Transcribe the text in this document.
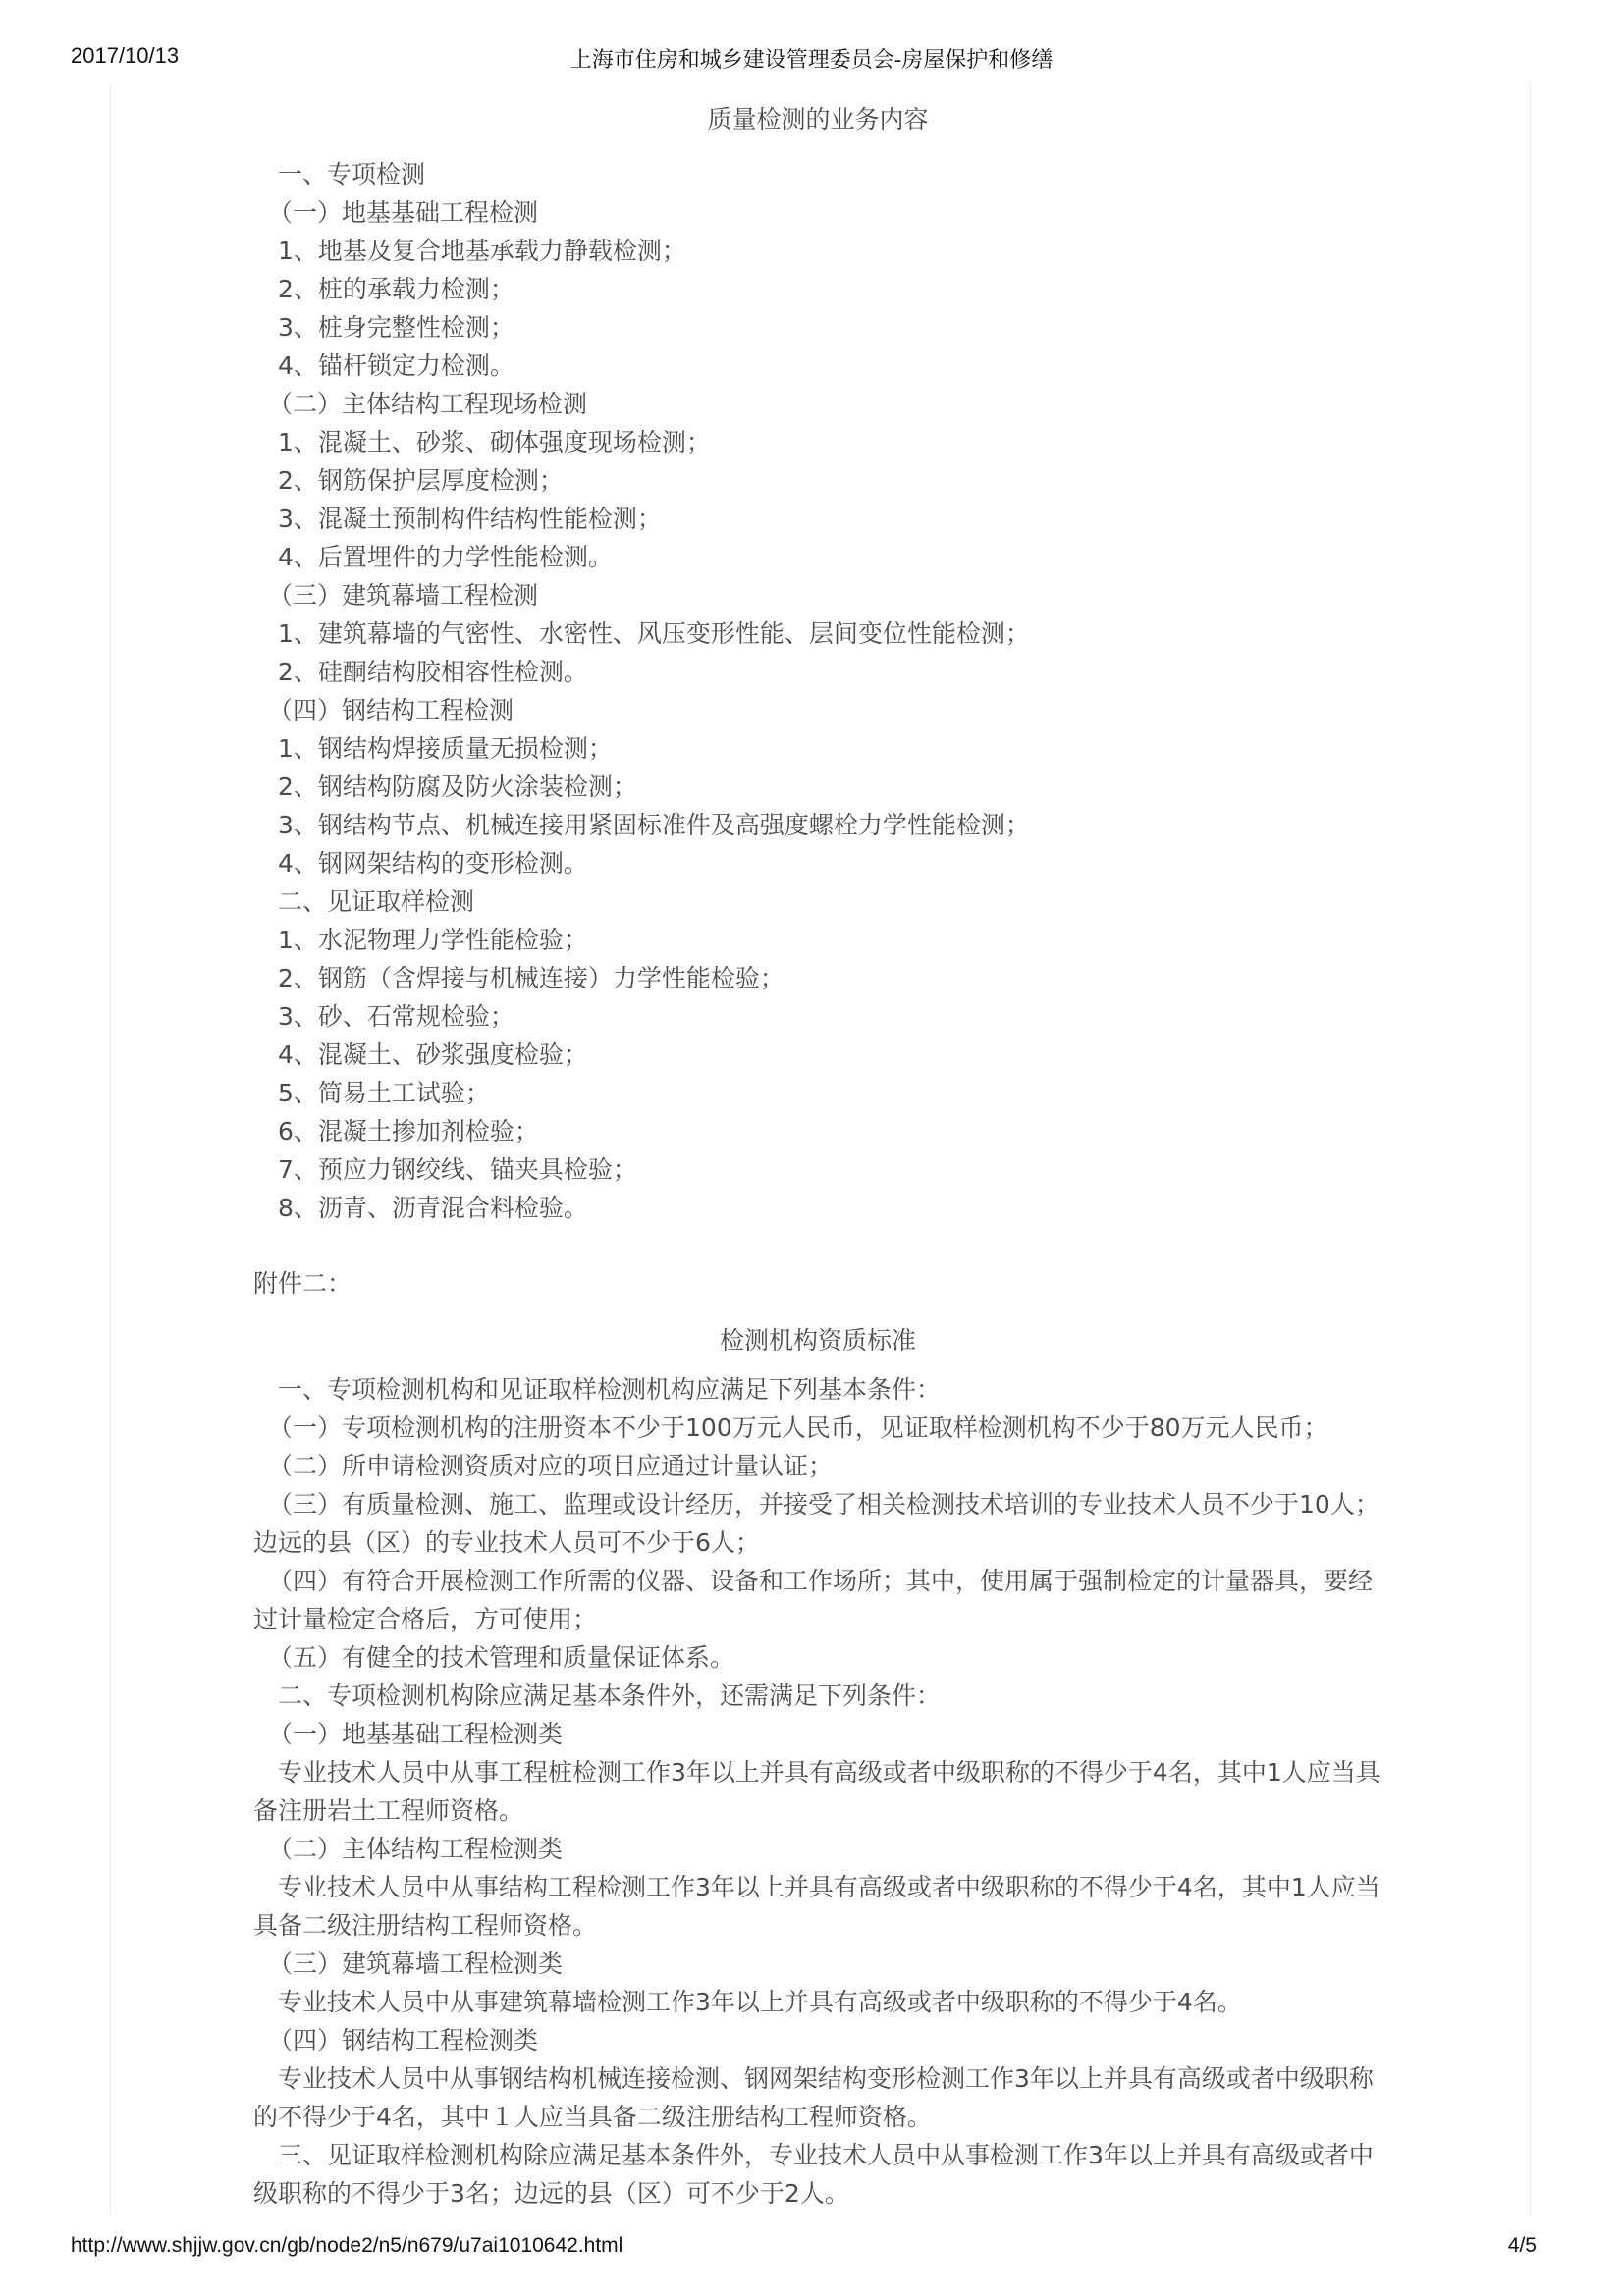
2017/10/13	上海市住房和城乡建设管理委员会-房屋保护和修缮
质量检测的业务内容
一、专项检测
（一）地基基础工程检测
1、地基及复合地基承载力静载检测；
2、桩的承载力检测；
3、桩身完整性检测；
4、锚杆锁定力检测。
（二）主体结构工程现场检测
1、混凝土、砂浆、砌体强度现场检测；
2、钢筋保护层厚度检测；
3、混凝土预制构件结构性能检测；
4、后置埋件的力学性能检测。
（三）建筑幕墙工程检测
1、建筑幕墙的气密性、水密性、风压变形性能、层间变位性能检测；
2、硅酮结构胶相容性检测。
（四）钢结构工程检测
1、钢结构焊接质量无损检测；
2、钢结构防腐及防火涂装检测；
3、钢结构节点、机械连接用紧固标准件及高强度螺栓力学性能检测；
4、钢网架结构的变形检测。
二、见证取样检测
1、水泥物理力学性能检验；
2、钢筋（含焊接与机械连接）力学性能检验；
3、砂、石常规检验；
4、混凝土、砂浆强度检验；
5、简易土工试验；
6、混凝土掺加剂检验；
7、预应力钢绞线、锚夹具检验；
8、沥青、沥青混合料检验。
附件二：
检测机构资质标准
一、专项检测机构和见证取样检测机构应满足下列基本条件：
（一）专项检测机构的注册资本不少于100万元人民币，见证取样检测机构不少于80万元人民币；
（二）所申请检测资质对应的项目应通过计量认证；
（三）有质量检测、施工、监理或设计经历，并接受了相关检测技术培训的专业技术人员不少于10人；边远的县（区）的专业技术人员可不少于6人；
（四）有符合开展检测工作所需的仪器、设备和工作场所；其中，使用属于强制检定的计量器具，要经过计量检定合格后，方可使用；
（五）有健全的技术管理和质量保证体系。
二、专项检测机构除应满足基本条件外，还需满足下列条件：
（一）地基基础工程检测类
专业技术人员中从事工程桩检测工作3年以上并具有高级或者中级职称的不得少于4名，其中1人应当具备注册岩土工程师资格。
（二）主体结构工程检测类
专业技术人员中从事结构工程检测工作3年以上并具有高级或者中级职称的不得少于4名，其中1人应当具备二级注册结构工程师资格。
（三）建筑幕墙工程检测类
专业技术人员中从事建筑幕墙检测工作3年以上并具有高级或者中级职称的不得少于4名。
（四）钢结构工程检测类
专业技术人员中从事钢结构机械连接检测、钢网架结构变形检测工作3年以上并具有高级或者中级职称的不得少于4名，其中１人应当具备二级注册结构工程师资格。
三、见证取样检测机构除应满足基本条件外，专业技术人员中从事检测工作3年以上并具有高级或者中级职称的不得少于3名；边远的县（区）可不少于2人。
http://www.shjjw.gov.cn/gb/node2/n5/n679/u7ai1010642.html	4/5
